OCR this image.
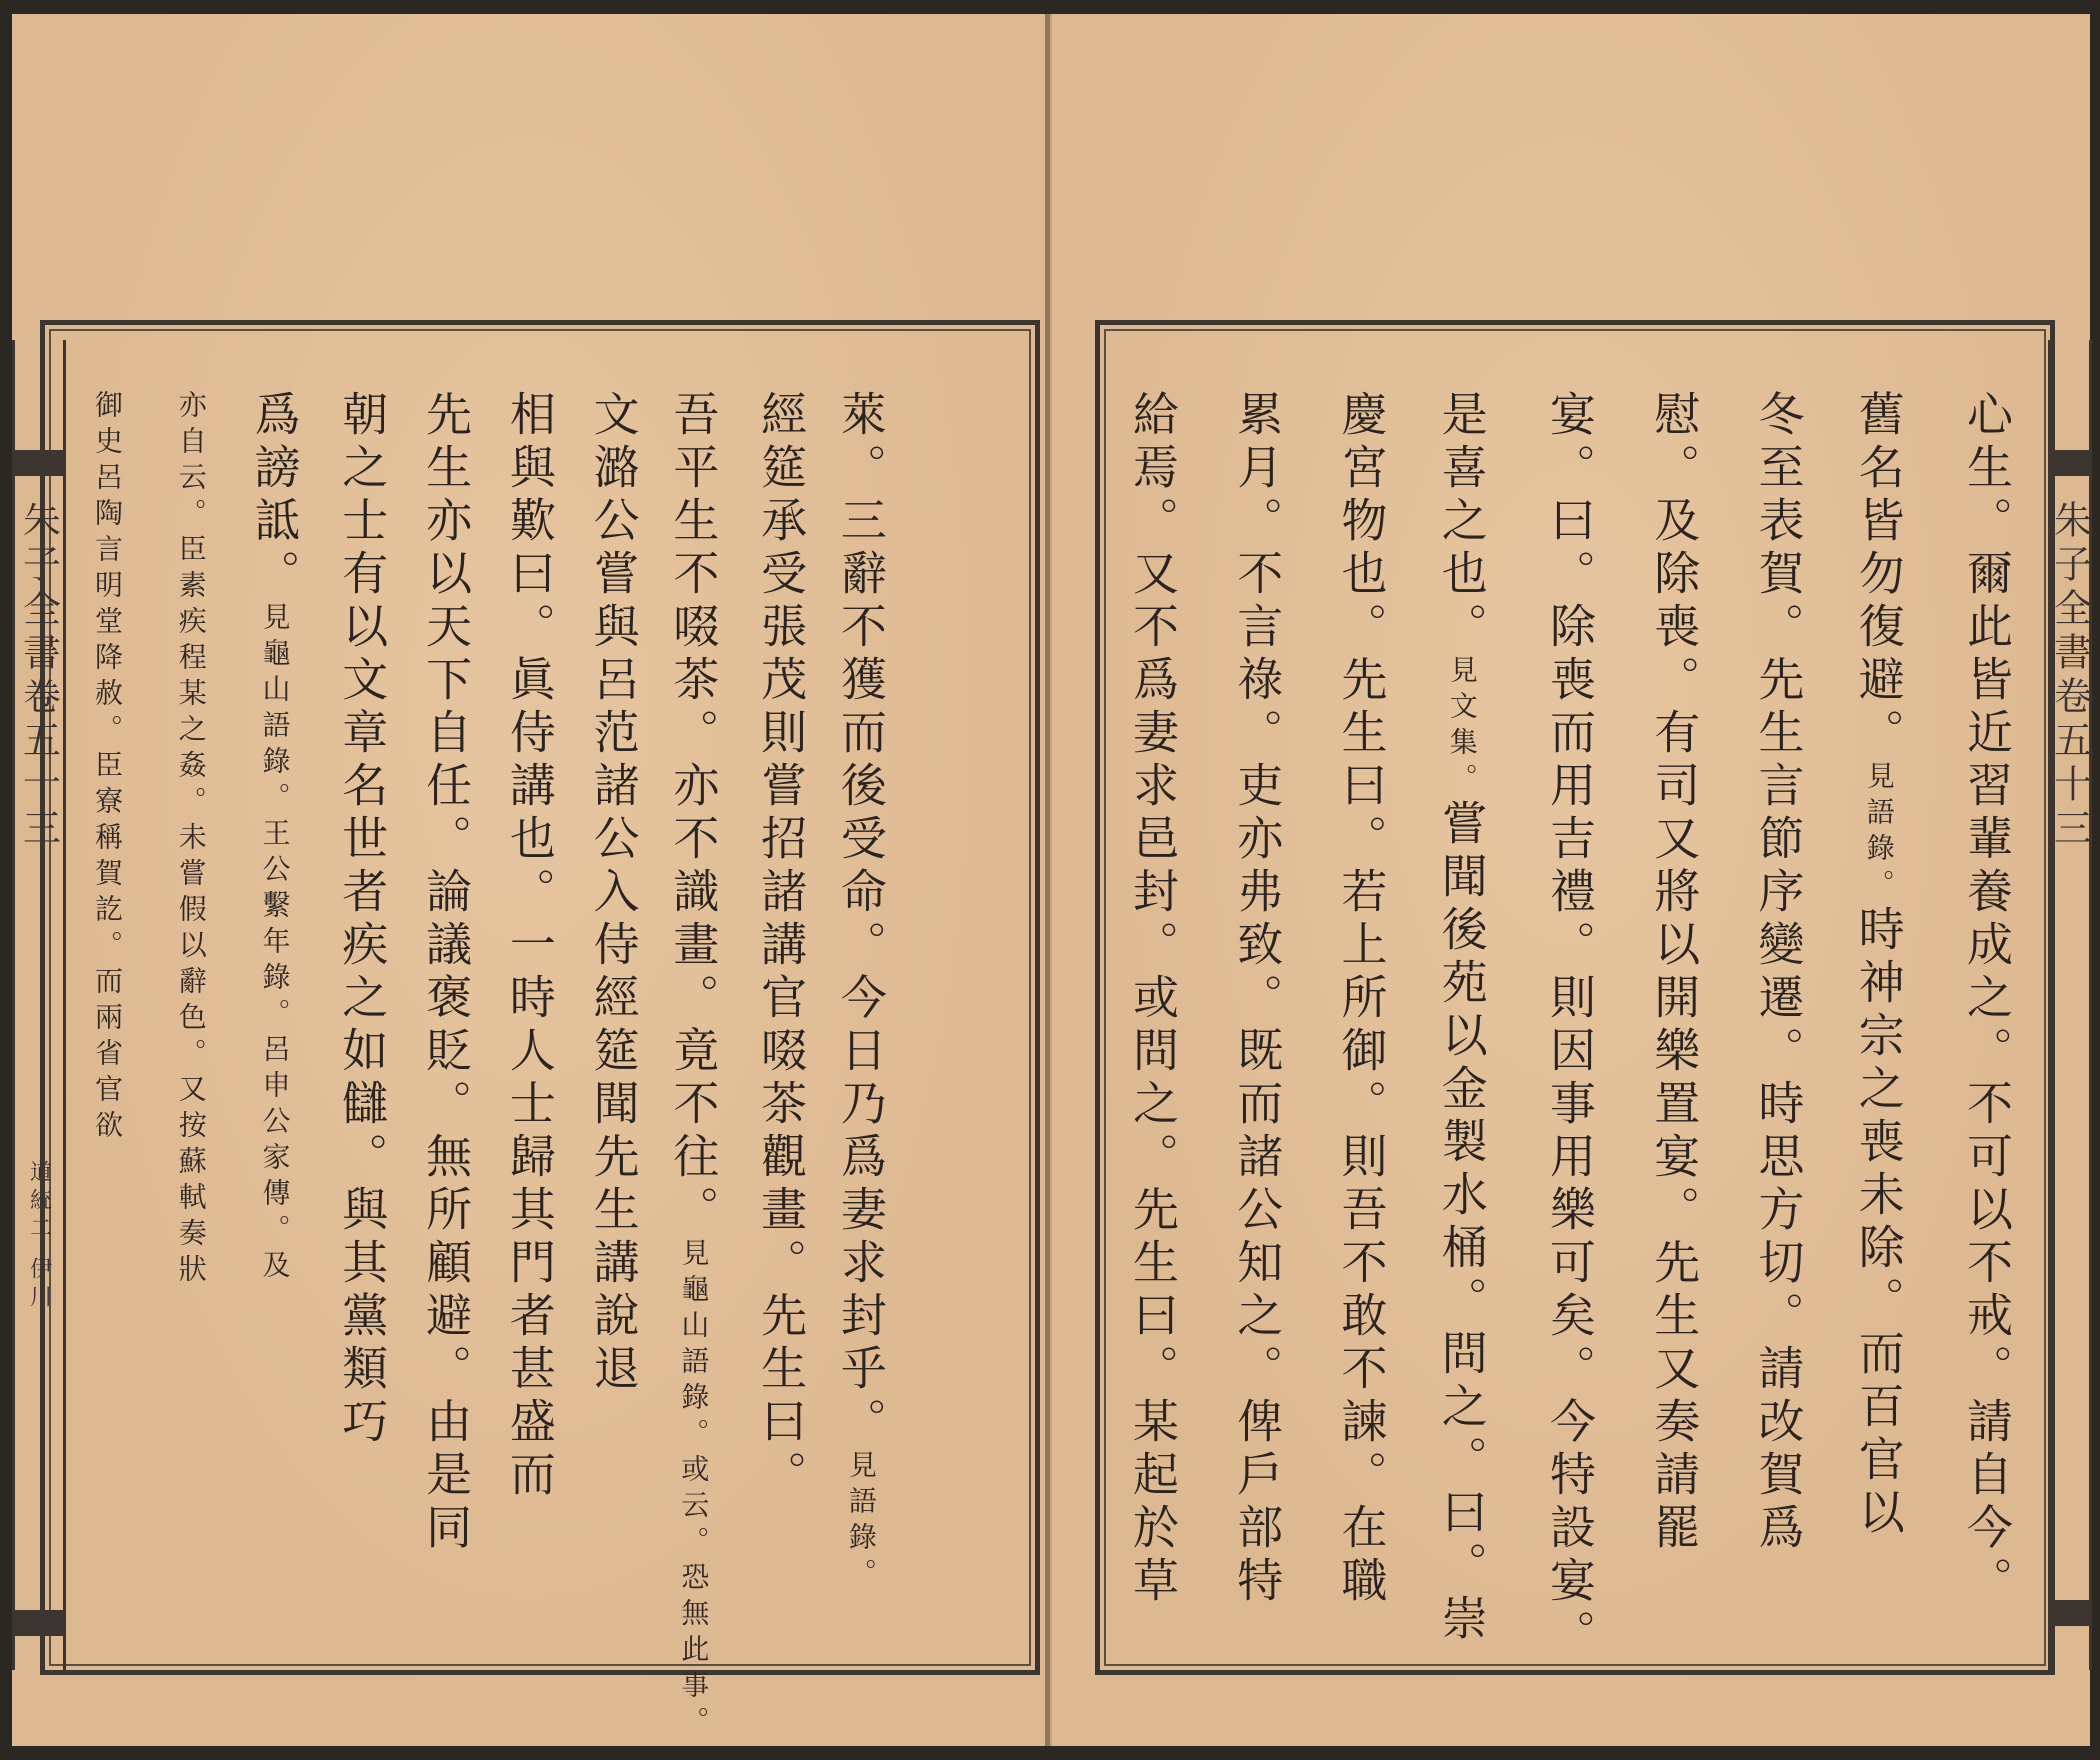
朱子全書卷五十三
道統二 伊川
朱子全書卷五十三
萊。三辭不獲而後受命。今日乃爲妻求封乎。見語錄。
經筵承受張茂則嘗招諸講官啜茶觀畫。先生曰。
吾平生不啜茶。亦不識畫。竟不往。見龜山語錄。或云。恐無此事。
文潞公嘗與呂范諸公入侍經筵聞先生講說退
相與歎曰。眞侍講也。一時人士歸其門者甚盛而
先生亦以天下自任。論議褒貶。無所顧避。由是同
朝之士有以文章名世者疾之如讎。與其黨類巧
爲謗詆。見龜山語錄。王公繫年錄。呂申公家傳。及
亦自云。臣素疾程某之姦。未嘗假以辭色。又按蘇軾奏狀
御史呂陶言明堂降赦。臣寮稱賀訖。而兩省官欲	心生。爾此皆近習輩養成之。不可以不戒。請自今。
舊名皆勿復避。見語錄。時神宗之喪未除。而百官以
冬至表賀。先生言節序變遷。時思方切。請改賀爲
慰。及除喪。有司又將以開樂置宴。先生又奏請罷
宴。曰。除喪而用吉禮。則因事用樂可矣。今特設宴。
是喜之也。見文集。嘗聞後苑以金製水桶。問之。曰。崇
慶宮物也。先生曰。若上所御。則吾不敢不諫。在職
累月。不言祿。吏亦弗致。既而諸公知之。俾戶部特
給焉。又不爲妻求邑封。或問之。先生曰。某起於草
